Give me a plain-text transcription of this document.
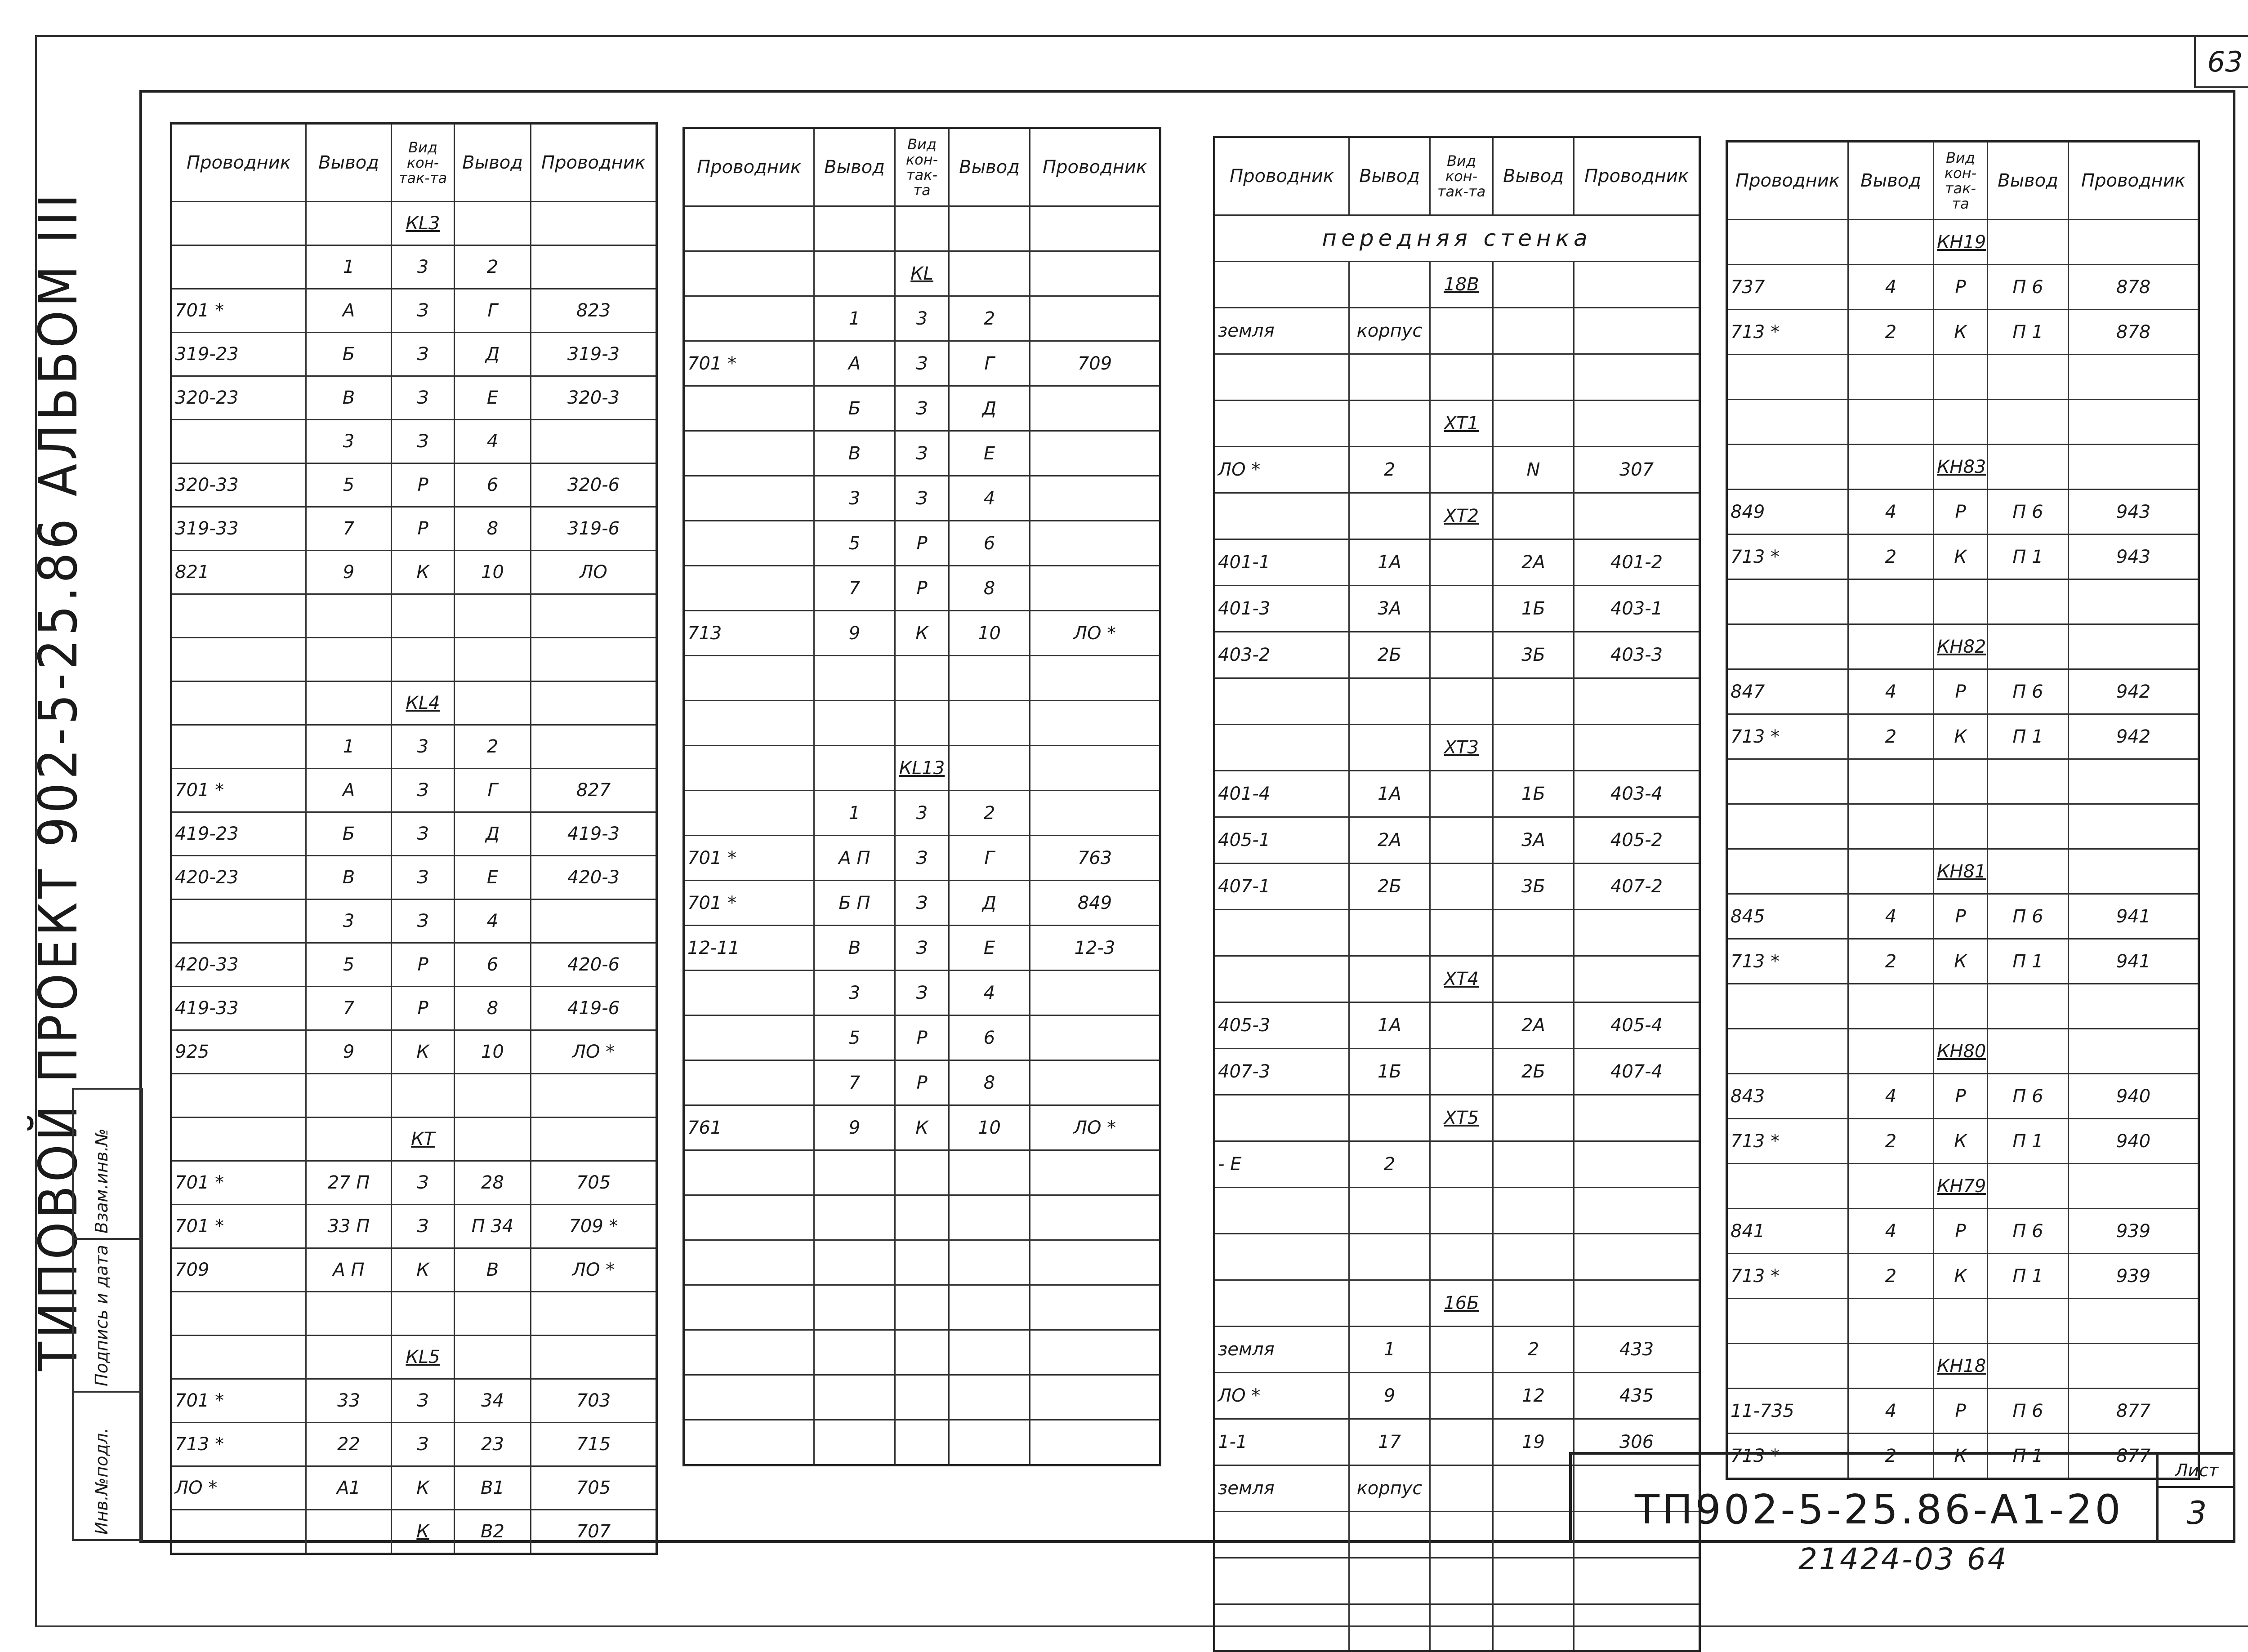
63
ТИПОВОЙ ПРОЕКТ 902-5-25.86 АЛЬБОМ III
Инв.№подл.
Подпись и дата
Взам.инв.№
Проводник	Вывод	Вид кон-так-та	Вывод	Проводник
		КL3		
	1	3	2	
701 *	А	З	Г	823
319-23	Б	З	Д	319-3
320-23	В	З	Е	320-3
	3	З	4	
320-33	5	Р	6	320-6
319-33	7	Р	8	319-6
821	9	К	10	ЛО

		КL4		
	1	3	2	
701 *	А	З	Г	827
419-23	Б	З	Д	419-3
420-23	В	З	Е	420-3
	3	З	4	
420-33	5	Р	6	420-6
419-33	7	Р	8	419-6
925	9	К	10	ЛО *

		КТ		
701 *	27 П	З	28	705
701 *	33 П	З	П 34	709 *
709	А П	К	В	ЛО *

		КL5		
701 *	33	З	34	703
713 *	22	З	23	715
ЛО *	А1	К	В1	705
		К	В2	707
Проводник	Вывод	Вид кон-так-та	Вывод	Проводник

		КL		
	1	3	2	
701 *	А	З	Г	709
	Б	З	Д	
	В	З	Е	
	3	З	4	
	5	Р	6	
	7	Р	8	
713	9	К	10	ЛО *

		КL13		
	1	3	2	
701 *	А П	З	Г	763
701 *	Б П	З	Д	849
12-11	В	З	Е	12-3
	3	З	4	
	5	Р	6	
	7	Р	8	
761	9	К	10	ЛО *

Проводник	Вывод	Вид кон-так-та	Вывод	Проводник
передняя стенка				
		18В		
земля	корпус			

		ХТ1		
ЛО *	2		N	307
		ХТ2		
401-1	1А		2А	401-2
401-3	3А		1Б	403-1
403-2	2Б		3Б	403-3

		ХТ3		
401-4	1А		1Б	403-4
405-1	2А		3А	405-2
407-1	2Б		3Б	407-2

		ХТ4		
405-3	1А		2А	405-4
407-3	1Б		2Б	407-4
		ХТ5		
- Е	2			

		16Б		
земля	1		2	433
ЛО *	9		12	435
1-1	17		19	306
земля	корпус			

Проводник	Вывод	Вид кон-так-та	Вывод	Проводник
		КН19		
737	4	Р	П 6	878
713 *	2	К	П 1	878

		КН83		
849	4	Р	П 6	943
713 *	2	К	П 1	943

		КН82		
847	4	Р	П 6	942
713 *	2	К	П 1	942

		КН81		
845	4	Р	П 6	941
713 *	2	К	П 1	941

		КН80		
843	4	Р	П 6	940
713 *	2	К	П 1	940
		КН79		
841	4	Р	П 6	939
713 *	2	К	П 1	939

		КН18		
11-735	4	Р	П 6	877
713 *	2	К	П 1	877
ТП902-5-25.86-А1-20
Лист
3
21424-03 64
